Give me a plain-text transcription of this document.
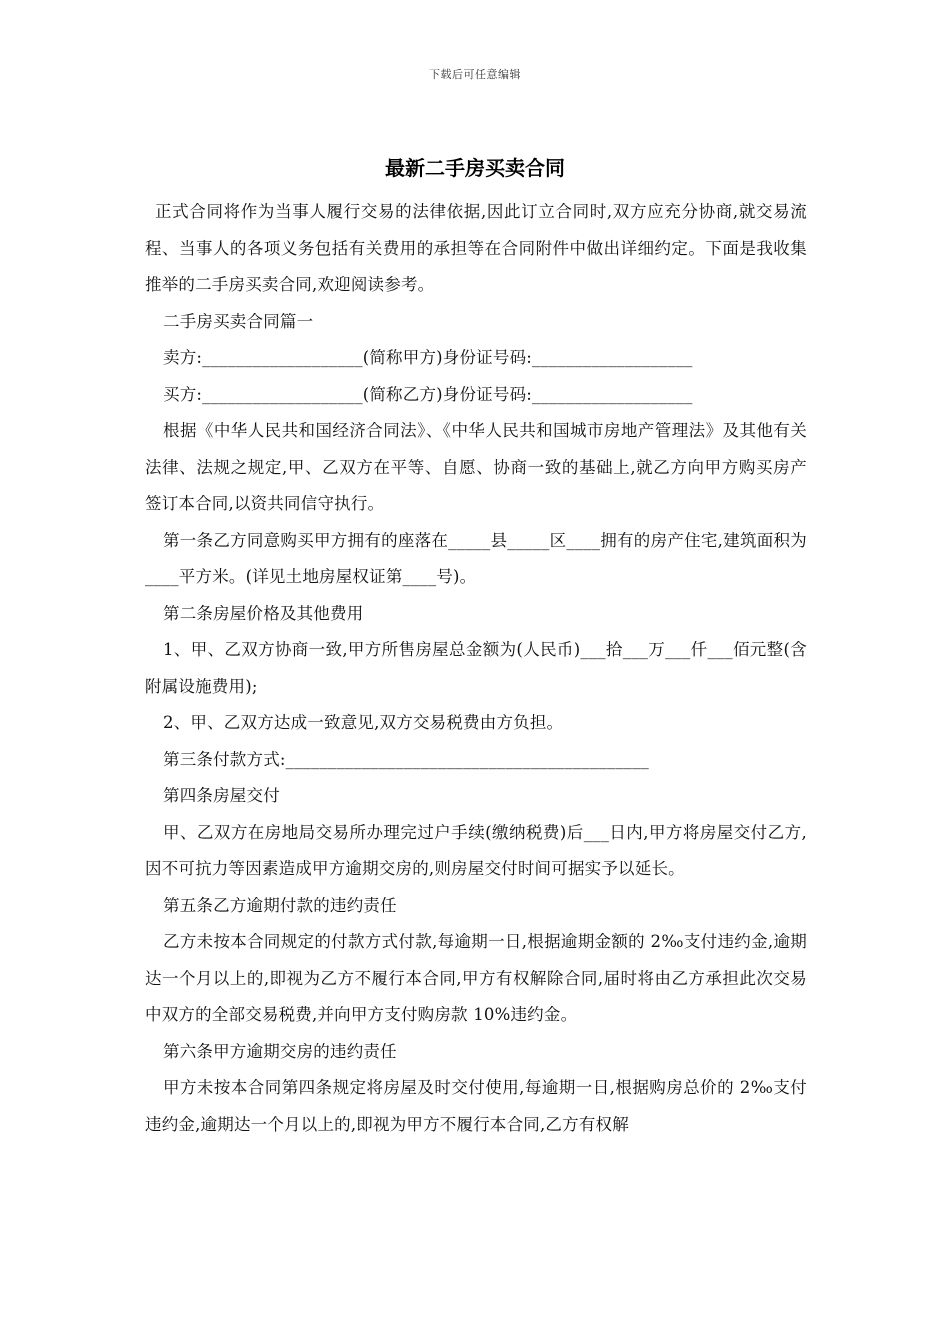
下载后可任意编辑
最新二手房买卖合同

正式合同将作为当事人履行交易的法律依据,因此订立合同时,双方应充分协商,就交易流程、当事人的各项义务包括有关费用的承担等在合同附件中做出详细约定。下面是我收集推举的二手房买卖合同,欢迎阅读参考。

二手房买卖合同篇一

卖方:___________________(简称甲方)身份证号码:___________________

买方:___________________(简称乙方)身份证号码:___________________

根据《中华人民共和国经济合同法》、《中华人民共和国城市房地产管理法》及其他有关法律、法规之规定,甲、乙双方在平等、自愿、协商一致的基础上,就乙方向甲方购买房产签订本合同,以资共同信守执行。

第一条乙方同意购买甲方拥有的座落在_____县_____区____拥有的房产住宅,建筑面积为____平方米。(详见土地房屋权证第____号)。

第二条房屋价格及其他费用

1、甲、乙双方协商一致,甲方所售房屋总金额为(人民币)___拾___万___仟___佰元整(含附属设施费用);

2、甲、乙双方达成一致意见,双方交易税费由方负担。

第三条付款方式:___________________________________________

第四条房屋交付

甲、乙双方在房地局交易所办理完过户手续(缴纳税费)后___日内,甲方将房屋交付乙方,因不可抗力等因素造成甲方逾期交房的,则房屋交付时间可据实予以延长。

第五条乙方逾期付款的违约责任

乙方未按本合同规定的付款方式付款,每逾期一日,根据逾期金额的 2‰支付违约金,逾期达一个月以上的,即视为乙方不履行本合同,甲方有权解除合同,届时将由乙方承担此次交易中双方的全部交易税费,并向甲方支付购房款 10%违约金。

第六条甲方逾期交房的违约责任

甲方未按本合同第四条规定将房屋及时交付使用,每逾期一日,根据购房总价的 2‰支付违约金,逾期达一个月以上的,即视为甲方不履行本合同,乙方有权解
